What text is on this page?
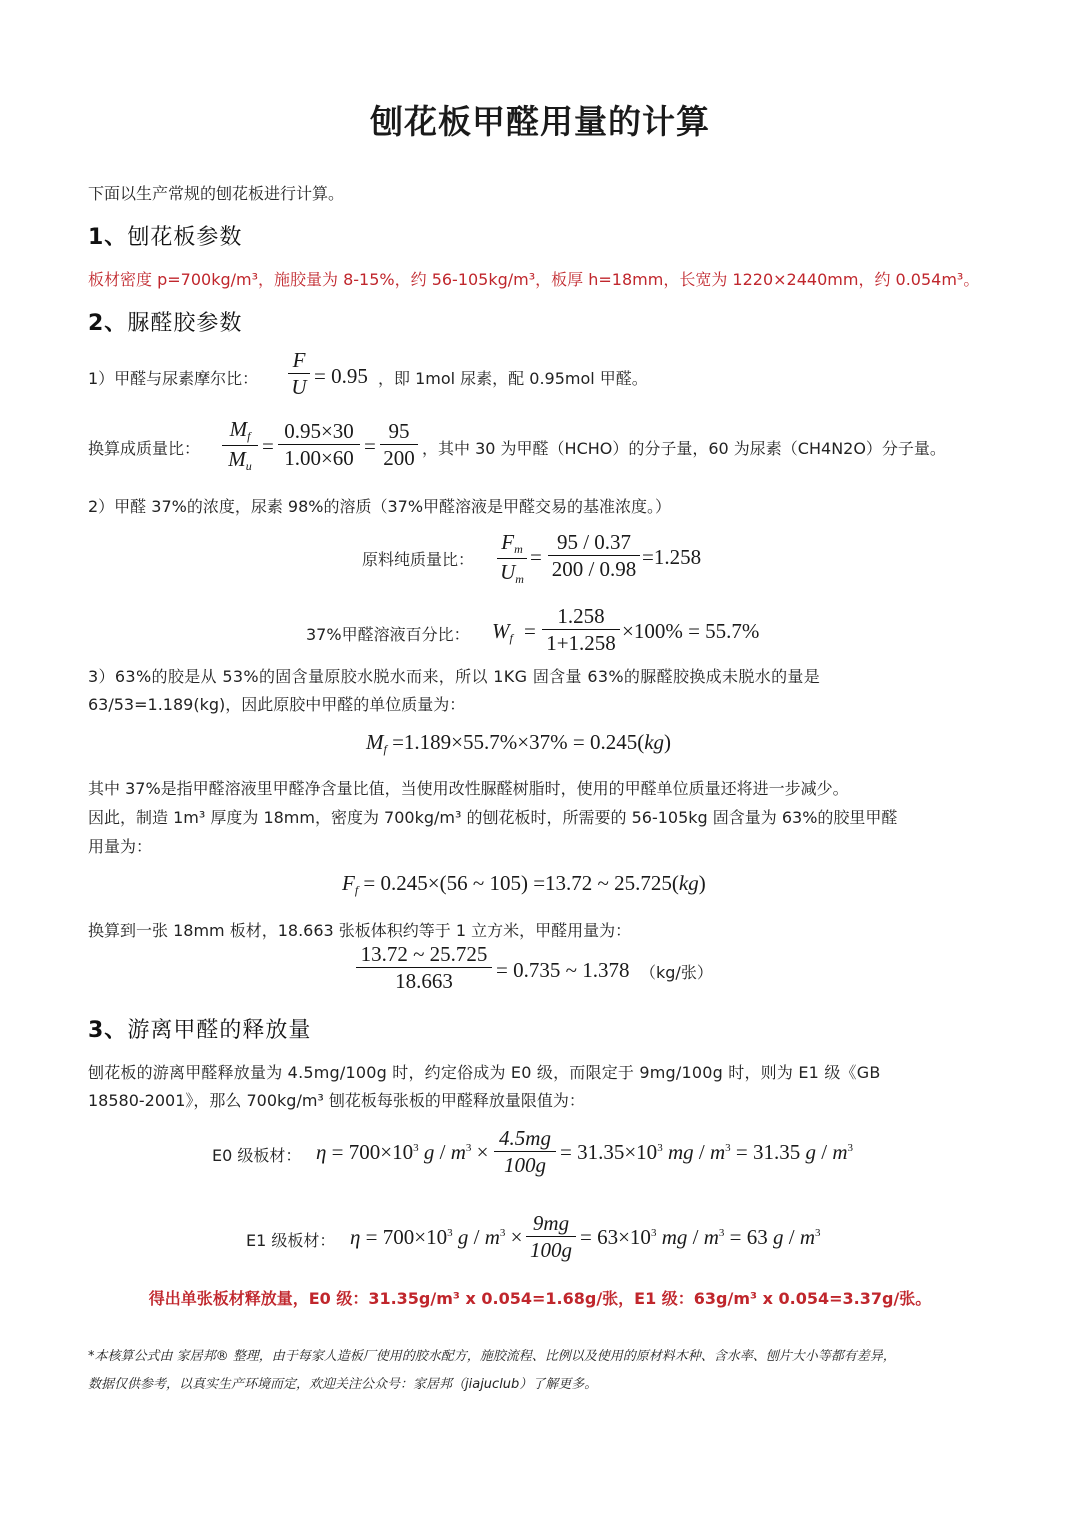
刨花板甲醛用量的计算
下面以生产常规的刨花板进行计算。
1、刨花板参数
板材密度 p=700kg/m³，施胶量为 8-15%，约 56-105kg/m³，板厚 h=18mm，长宽为 1220×2440mm，约 0.054m³。
2、脲醛胶参数
1）甲醛与尿素摩尔比：
F
U = 0.95 ，即 1mol 尿素，配 0.95mol 甲醛。
换算成质量比：
$M_f$
$M_u$
=
0.95×30
1.00×60
=
95
200 ，其中 30 为甲醛（HCHO）的分子量，60 为尿素（CH4N2O）分子量。
2）甲醛 37%的浓度，尿素 98%的溶质（37%甲醛溶液是甲醛交易的基准浓度。）
原料纯质量比：
$F_m$
$U_m$
=
95 / 0.37
200 / 0.98
=1.258
37%甲醛溶液百分比： $W_f$ =
1.258
1+1.258
×100% = 55.7%
3）63%的胶是从 53%的固含量原胶水脱水而来，所以 1KG 固含量 63%的脲醛胶换成未脱水的量是
63/53=1.189(kg)，因此原胶中甲醛的单位质量为：
$M_f =1.189\times 55.7\%\times 37\% = 0.245(kg)$
其中 37%是指甲醛溶液里甲醛净含量比值，当使用改性脲醛树脂时，使用的甲醛单位质量还将进一步减少。
因此，制造 1m³ 厚度为 18mm，密度为 700kg/m³ 的刨花板时，所需要的 56-105kg 固含量为 63%的胶里甲醛
用量为：
$F_f = 0.245\times(56$ ~ 105) =13.72 ~ 25.725(kg)
换算到一张 18mm 板材，18.663 张板体积约等于 1 立方米，甲醛用量为：
13.72 ~ 25.725
18.663	= 0.735 ~ 1.378 （kg/张）
3、游离甲醛的释放量
刨花板的游离甲醛释放量为 4.5mg/100g 时，约定俗成为 E0 级，而限定于 9mg/100g 时，则为 E1 级《GB
18580-2001》，那么 700kg/m³ 刨花板每张板的甲醛释放量限值为：
E0 级板材： $\eta = 700\times 10^3$ g / $m^3$ ×
4.5mg
100g
= $31.35\times 10^3$ mg / $m^3 = 31.35$ g / $m^3$
E1 级板材： $\eta = 700\times 10^3$ g / $m^3$ ×
9mg
100g
= $63\times 10^3$ mg / $m^3 = 63$ g / $m^3$
得出单张板材释放量，E0 级：31.35g/m³ x 0.054=1.68g/张，E1 级：63g/m³ x 0.054=3.37g/张。
*本核算公式由 家居邦® 整理，由于每家人造板厂使用的胶水配方，施胶流程、比例以及使用的原材料木种、含水率、刨片大小等都有差异，
数据仅供参考，以真实生产环境而定，欢迎关注公众号：家居邦（jiajuclub）了解更多。
